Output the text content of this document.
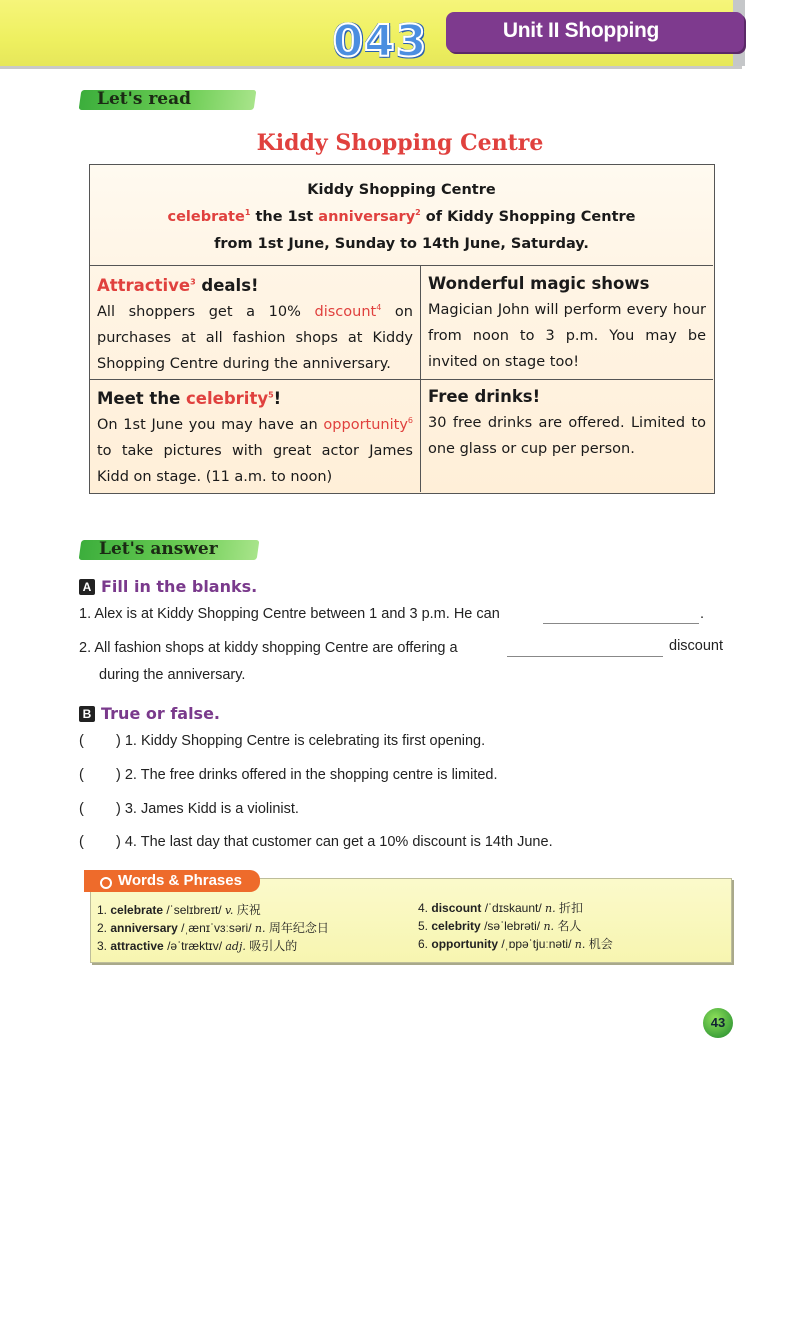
Unit II Shopping
043
Let's read
Kiddy Shopping Centre
Kiddy Shopping Centre
celebrate$^1$ the 1st anniversary$^2$ of Kiddy Shopping Centre
from 1st June, Sunday to 14th June, Saturday.
Attractive$^3$ deals!
All shoppers get a 10% discount$^4$ on purchases at all fashion shops at Kiddy Shopping Centre during the anniversary.
Wonderful magic shows
Magician John will perform every hour from noon to 3 p.m. You may be invited on stage too!
Meet the celebrity$^5$!
On 1st June you may have an opportunity$^6$ to take pictures with great actor James Kidd on stage. (11 a.m. to noon)
Free drinks!
30 free drinks are offered. Limited to one glass or cup per person.
Let's answer
A Fill in the blanks.
1. Alex is at Kiddy Shopping Centre between 1 and 3 p.m. He can	.
2. All fashion shops at kiddy shopping Centre are offering a	discount
during the anniversary.
B True or false.
( ) 1. Kiddy Shopping Centre is celebrating its first opening.
( ) 2. The free drinks offered in the shopping centre is limited.
( ) 3. James Kidd is a violinist.
( ) 4. The last day that customer can get a 10% discount is 14th June.
Words & Phrases
1. celebrate /ˈselɪbreɪt/ v. 庆祝
2. anniversary /ˌænɪˈvɜːsəri/ n. 周年纪念日
3. attractive /əˈtræktɪv/ adj. 吸引人的
4. discount /ˈdɪskaunt/ n. 折扣
5. celebrity /səˈlebrəti/ n. 名人
6. opportunity /ˌɒpəˈtjuːnəti/ n. 机会
43
